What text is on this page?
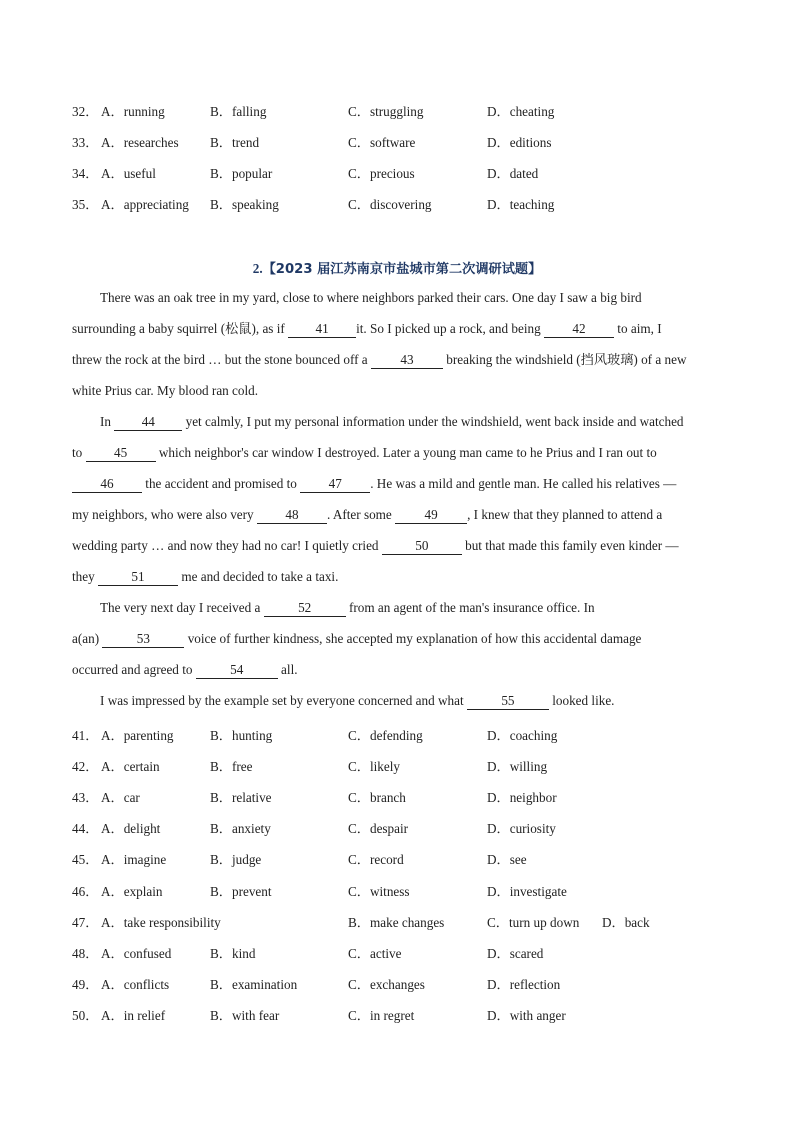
32． A．running	B．falling	C．struggling	D．cheating
33． A．researches B．trend	C．software	D．editions
34． A．useful	B．popular	C．precious	D．dated
35． A．appreciating B．speaking	C．discovering	D．teaching
2.【2023 届江苏南京市盐城市第二次调研试题】
There was an oak tree in my yard, close to where neighbors parked their cars. One day I saw a big bird
surrounding a baby squirrel (松鼠), as if 41 it. So I picked up a rock, and being 42 to aim, I
threw the rock at the bird … but the stone bounced off a 43 breaking the windshield (挡风玻璃) of a new
white Prius car. My blood ran cold.
In 44 yet calmly, I put my personal information under the windshield, went back inside and watched
to 45 which neighbor's car window I destroyed. Later a young man came to he Prius and I ran out to
46 the accident and promised to 47 . He was a mild and gentle man. He called his relatives —
my neighbors, who were also very 48 . After some 49 , I knew that they planned to attend a
wedding party … and now they had no car! I quietly cried	50	but that made this family even kinder —
they	51	me and decided to take a taxi.
The very next day I received a	52	from an agent of the man's insurance office. In
a(an)	53	voice of further kindness, she accepted my explanation of how this accidental damage
occurred and agreed to	54	all.
I was impressed by the example set by everyone concerned and what	55	looked like.
41． A．parenting	B．hunting	C．defending	D．coaching
42． A．certain	B．free	C．likely	D．willing
43． A．car	B．relative	C．branch	D．neighbor
44． A．delight	B．anxiety	C．despair	D．curiosity
45． A．imagine	B．judge	C．record	D．see
46． A．explain	B．prevent	C．witness	D．investigate
47． A．take responsibility	B．make changes	C．turn up down D．back
48． A．confused	B．kind	C．active	D．scared
49． A．conflicts	B．examination	C．exchanges	D．reflection
50． A．in relief	B．with fear	C．in regret	D．with anger
